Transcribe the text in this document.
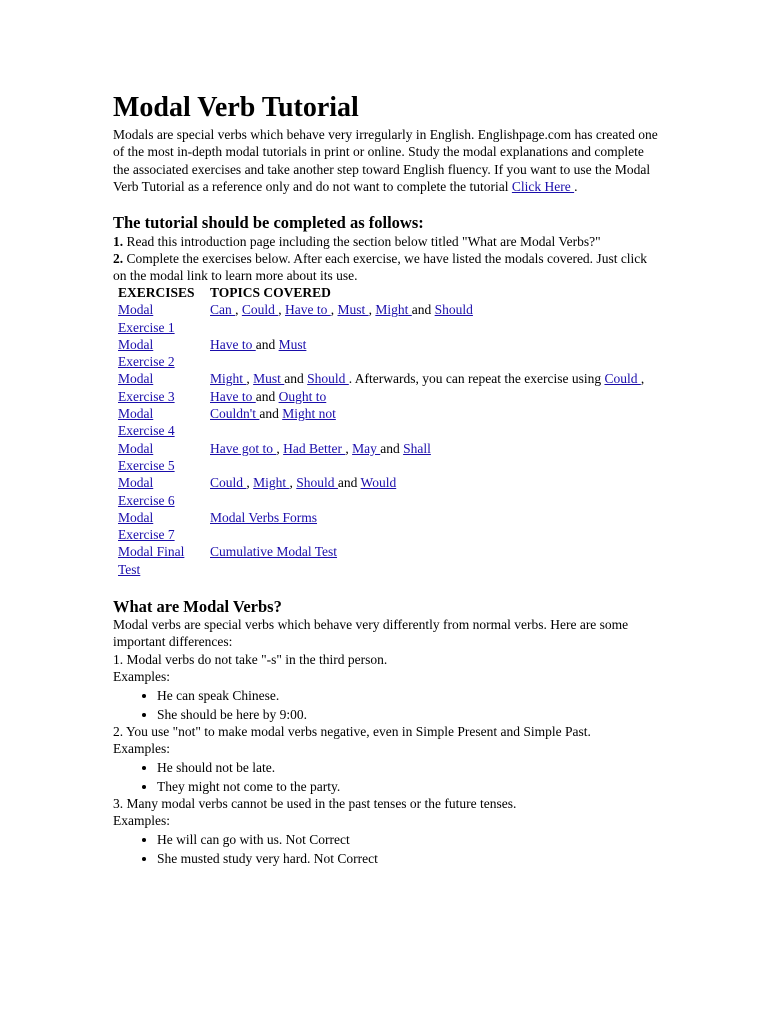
Modal Verb Tutorial

Modals are special verbs which behave very irregularly in English. Englishpage.com has created one of the most in-depth modal tutorials in print or online. Study the modal explanations and complete the associated exercises and take another step toward English fluency. If you want to use the Modal Verb Tutorial as a reference only and do not want to complete the tutorial Click Here .

The tutorial should be completed as follows:

1. Read this introduction page including the section below titled "What are Modal Verbs?"

2. Complete the exercises below. After each exercise, we have listed the modals covered. Just click on the modal link to learn more about its use.

EXERCISES	TOPICS COVERED
Modal Exercise 1	Can , Could , Have to , Must , Might and Should
Modal Exercise 2	Have to and Must
Modal Exercise 3	Might , Must and Should . Afterwards, you can repeat the exercise using Could ,
Have to and Ought to
Modal Exercise 4	Couldn't and Might not
Modal Exercise 5	Have got to , Had Better , May and Shall
Modal Exercise 6	Could , Might , Should and Would
Modal Exercise 7	Modal Verbs Forms
Modal Final Test	Cumulative Modal Test
What are Modal Verbs?

Modal verbs are special verbs which behave very differently from normal verbs. Here are some important differences:

1. Modal verbs do not take "-s" in the third person.

Examples:

• He can speak Chinese.
• She should be here by 9:00.

2. You use "not" to make modal verbs negative, even in Simple Present and Simple Past.

Examples:

• He should not be late.
• They might not come to the party.

3. Many modal verbs cannot be used in the past tenses or the future tenses.

Examples:

• He will can go with us. Not Correct
• She musted study very hard. Not Correct
